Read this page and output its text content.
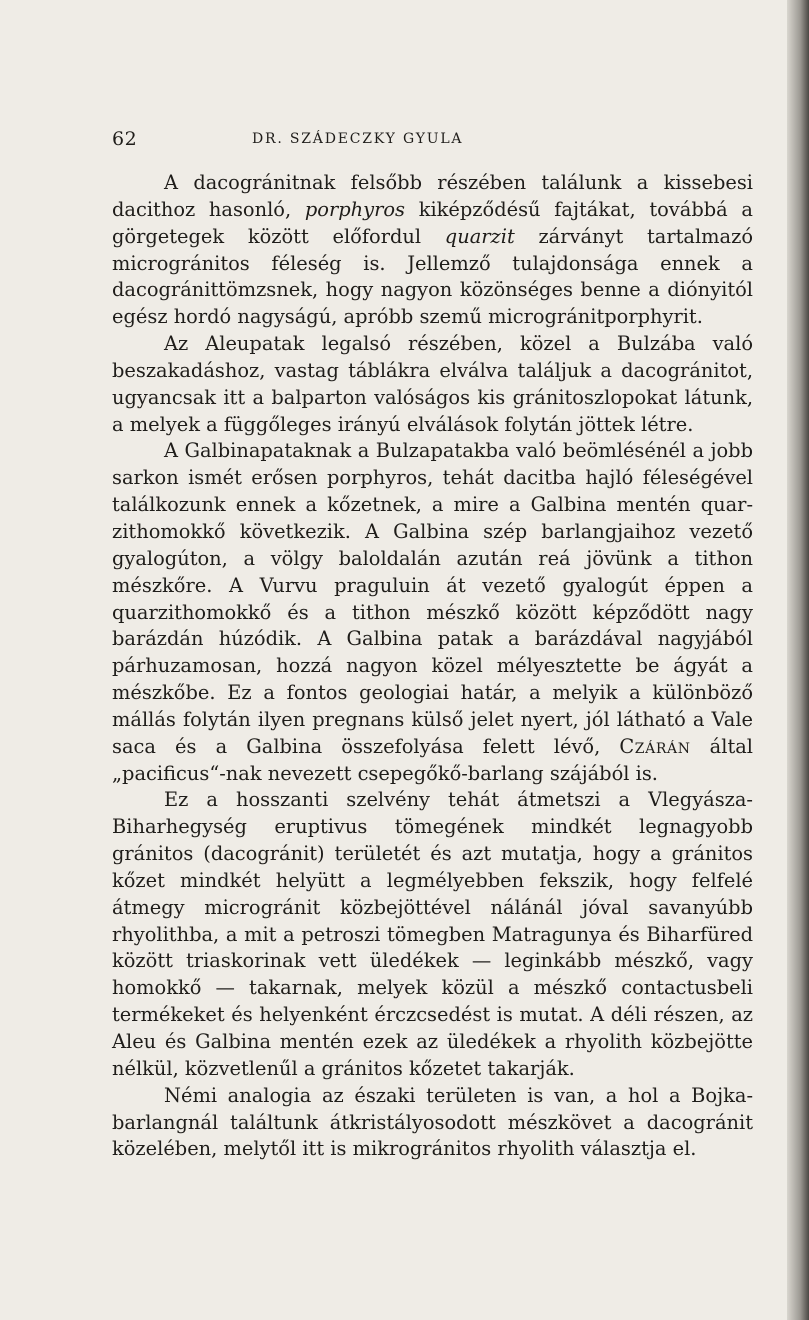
62	DR. SZÁDECZKY GYULA

A dacogránitnak felsőbb részében találunk a kissebesi dacithoz hasonló, porphyros kiképződésű fajtákat, továbbá a görgetegek között előfordul quarzit zárványt tartalmazó microgránitos féleség is. Jellemző tulajdonsága ennek a dacogránittömzsnek, hogy nagyon közönséges benne a diónyitól egész hordó nagyságú, apróbb szemű microgránitporphyrit.

Az Aleupatak legalsó részében, közel a Bulzába való beszakadáshoz, vastag táblákra elválva találjuk a dacogránitot, ugyancsak itt a balparton valóságos kis gránitoszlopokat látunk, a melyek a függőleges irányú elválások folytán jöttek létre.

A Galbinapataknak a Bulzapatakba való beömlésénél a jobb sarkon ismét erősen porphyros, tehát dacitba hajló féleségével találkozunk ennek a kőzetnek, a mire a Galbina mentén quarzithomokkő következik. A Galbina szép barlangjaihoz vezető gyalogúton, a völgy baloldalán azután reá jövünk a tithon mészkőre. A Vurvu praguluin át vezető gyalogút éppen a quarzithomokkő és a tithon mészkő között képződött nagy barázdán húzódik. A Galbina patak a barázdával nagyjából párhuzamosan, hozzá nagyon közel mélyesztette be ágyát a mészkőbe. Ez a fontos geologiai határ, a melyik a különböző mállás folytán ilyen pregnans külső jelet nyert, jól látható a Vale saca és a Galbina összefolyása felett lévő, Czárán által „pacificus“-nak nevezett csepegőkő-barlang szájából is.

Ez a hosszanti szelvény tehát átmetszi a Vlegyásza-Biharhegység eruptivus tömegének mindkét legnagyobb gránitos (dacogránit) területét és azt mutatja, hogy a gránitos kőzet mindkét helyütt a legmélyebben fekszik, hogy felfelé átmegy microgránit közbejöttével nálánál jóval savanyúbb rhyolithba, a mit a petroszi tömegben Matragunya és Biharfüred között triaskorinak vett üledékek — leginkább mészkő, vagy homokkő — takarnak, melyek közül a mészkő contactusbeli termékeket és helyenként érczcsedést is mutat. A déli részen, az Aleu és Galbina mentén ezek az üledékek a rhyolith közbejötte nélkül, közvetlenűl a gránitos kőzetet takarják.

Némi analogia az északi területen is van, a hol a Bojkabarlangnál találtunk átkristályosodott mészkövet a dacogránit közelében, melytől itt is mikrogránitos rhyolith választja el.
